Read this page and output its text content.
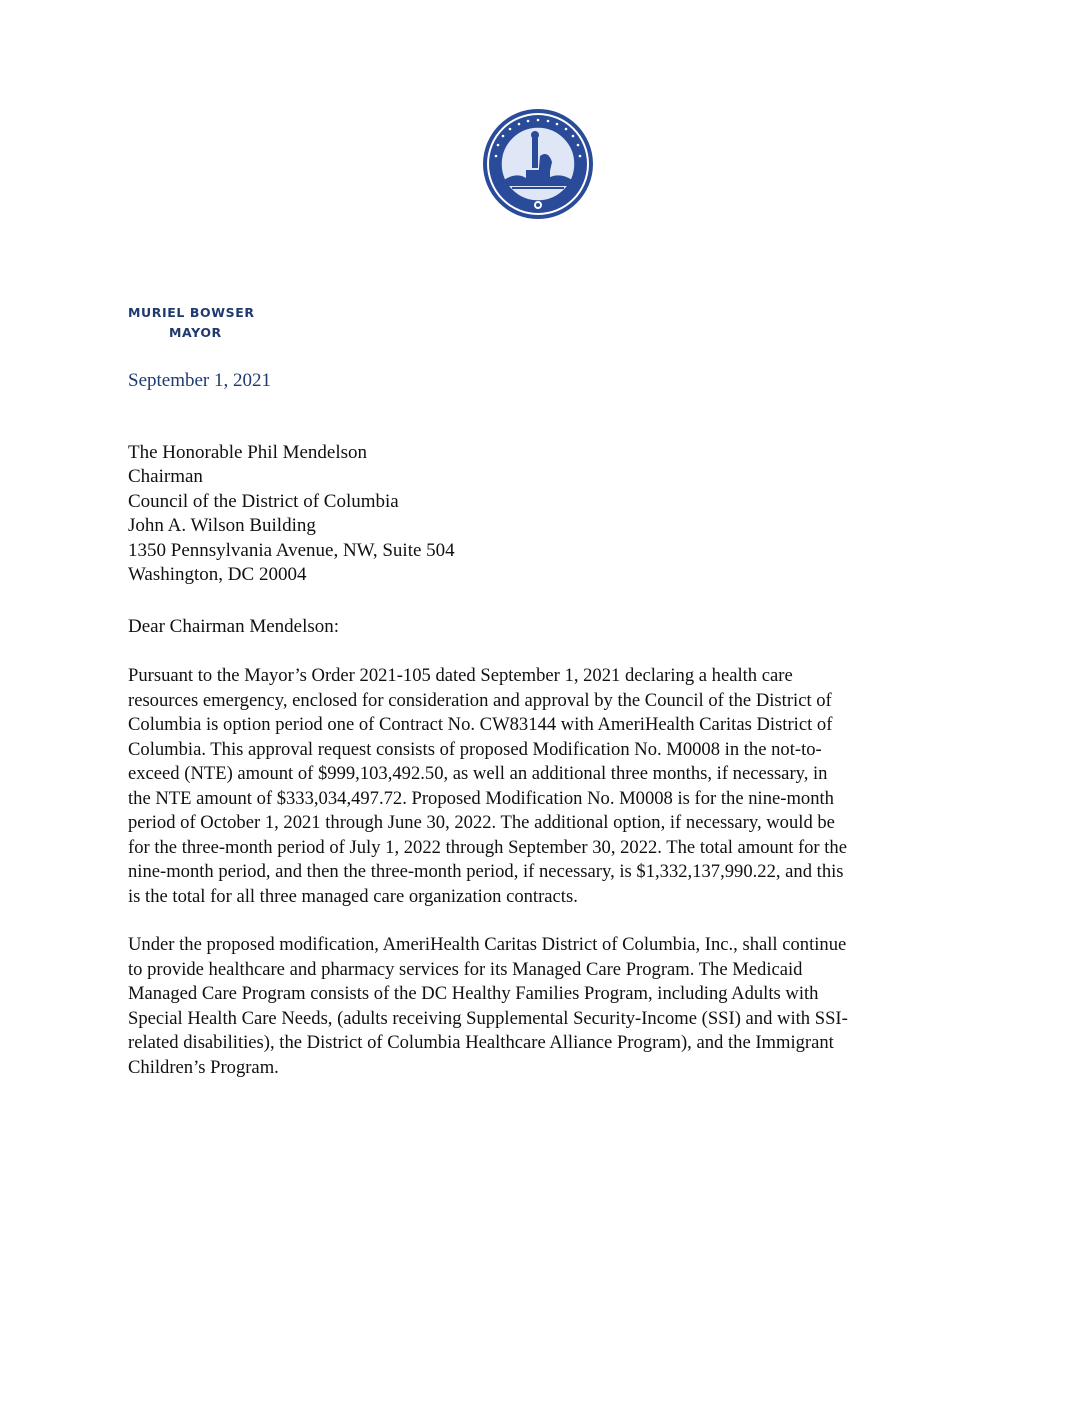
MURIEL BOWSER
MAYOR
September 1, 2021
The Honorable Phil Mendelson
Chairman
Council of the District of Columbia
John A. Wilson Building
1350 Pennsylvania Avenue, NW, Suite 504
Washington, DC 20004
Dear Chairman Mendelson:
Pursuant to the Mayor’s Order 2021-105 dated September 1, 2021 declaring a health care
resources emergency, enclosed for consideration and approval by the Council of the District of
Columbia is option period one of Contract No. CW83144 with AmeriHealth Caritas District of
Columbia. This approval request consists of proposed Modification No. M0008 in the not-to-
exceed (NTE) amount of $999,103,492.50, as well an additional three months, if necessary, in
the NTE amount of $333,034,497.72. Proposed Modification No. M0008 is for the nine-month
period of October 1, 2021 through June 30, 2022. The additional option, if necessary, would be
for the three-month period of July 1, 2022 through September 30, 2022. The total amount for the
nine-month period, and then the three-month period, if necessary, is $1,332,137,990.22, and this
is the total for all three managed care organization contracts.
Under the proposed modification, AmeriHealth Caritas District of Columbia, Inc., shall continue
to provide healthcare and pharmacy services for its Managed Care Program. The Medicaid
Managed Care Program consists of the DC Healthy Families Program, including Adults with
Special Health Care Needs, (adults receiving Supplemental Security-Income (SSI) and with SSI-
related disabilities), the District of Columbia Healthcare Alliance Program), and the Immigrant
Children’s Program.
